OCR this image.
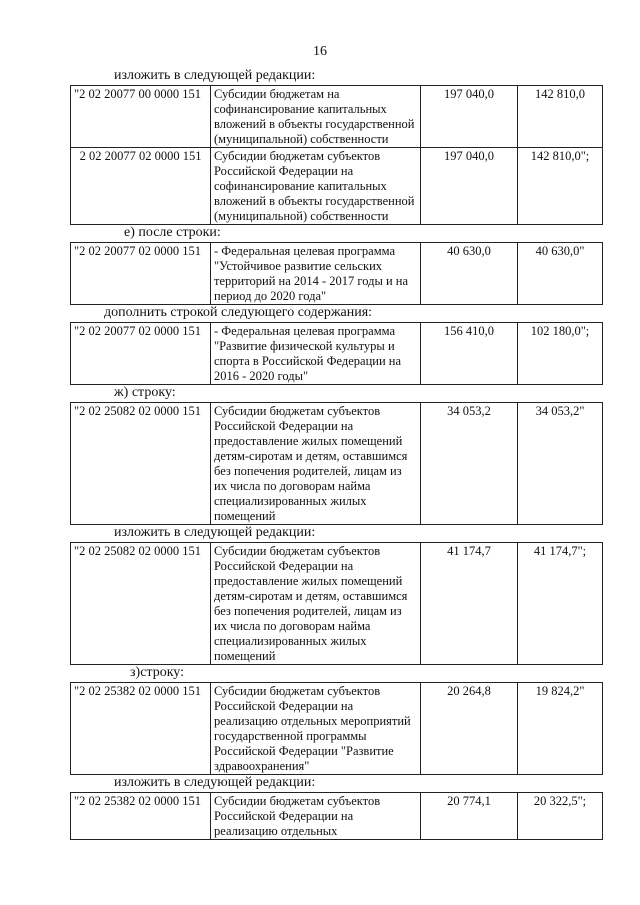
16
изложить в следующей редакции:
"2 02 20077 00 0000 151	Субсидии бюджетам на софинансирование капитальных вложений в объекты государственной (муниципальной) собственности	197 040,0	142 810,0
2 02 20077 02 0000 151	Субсидии бюджетам субъектов Российской Федерации на софинансирование капитальных вложений в объекты государственной (муниципальной) собственности	197 040,0	142 810,0";
е) после строки:
"2 02 20077 02 0000 151	- Федеральная целевая программа "Устойчивое развитие сельских территорий на 2014 - 2017 годы и на период до 2020 года"	40 630,0	40 630,0"
дополнить строкой следующего содержания:
"2 02 20077 02 0000 151	- Федеральная целевая программа "Развитие физической культуры и спорта в Российской Федерации на 2016 - 2020 годы"	156 410,0	102 180,0";
ж) строку:
"2 02 25082 02 0000 151	Субсидии бюджетам субъектов Российской Федерации на предоставление жилых помещений детям-сиротам и детям, оставшимся без попечения родителей, лицам из их числа по договорам найма специализированных жилых помещений	34 053,2	34 053,2"
изложить в следующей редакции:
"2 02 25082 02 0000 151	Субсидии бюджетам субъектов Российской Федерации на предоставление жилых помещений детям-сиротам и детям, оставшимся без попечения родителей, лицам из их числа по договорам найма специализированных жилых помещений	41 174,7	41 174,7";
з)строку:
"2 02 25382 02 0000 151	Субсидии бюджетам субъектов Российской Федерации на реализацию отдельных мероприятий государственной программы Российской Федерации "Развитие здравоохранения"	20 264,8	19 824,2"
изложить в следующей редакции:
"2 02 25382 02 0000 151	Субсидии бюджетам субъектов Российской Федерации на реализацию отдельных	20 774,1	20 322,5";
